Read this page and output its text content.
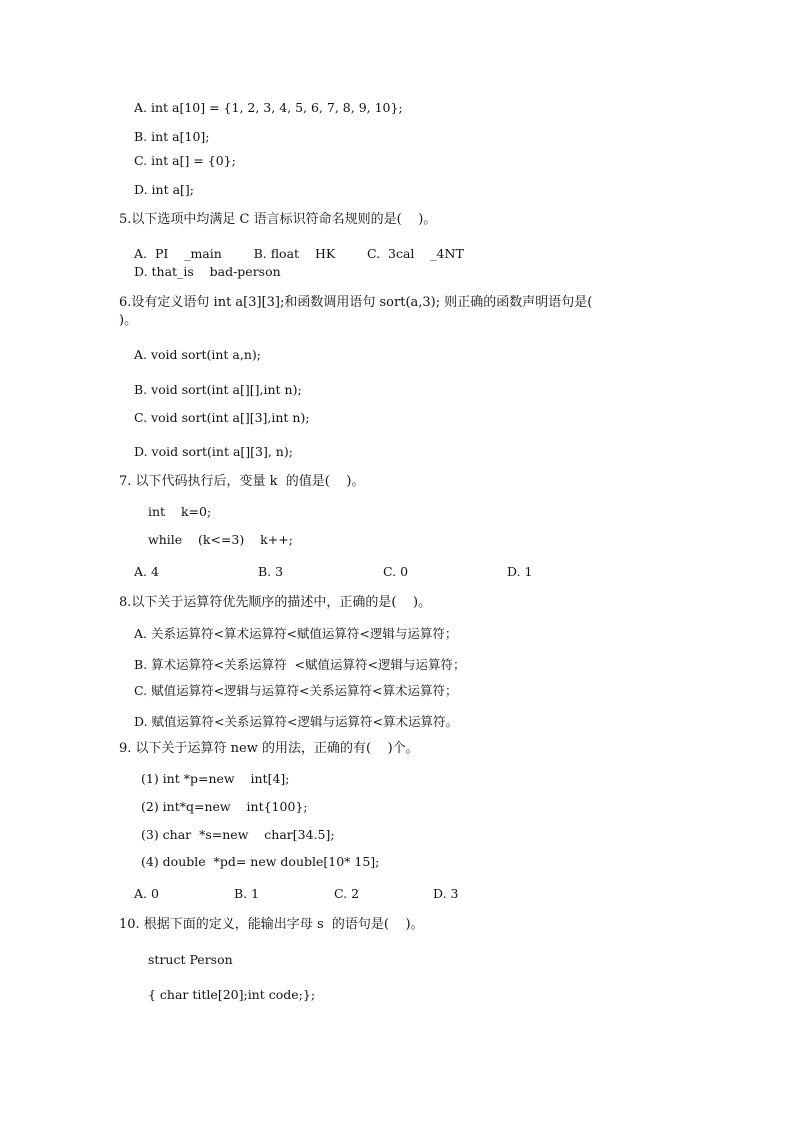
A. int a[10] = {1, 2, 3, 4, 5, 6, 7, 8, 9, 10};
B. int a[10];
C. int a[] = {0};
D. int a[];
5.以下选项中均满足 C 语言标识符命名规则的是(    )。
A.  PI    _main        B. float    HK        C.  3cal    _4NT
D. that_is    bad-person
6.设有定义语句 int a[3][3];和函数调用语句 sort(a,3); 则正确的函数声明语句是(
)。
A. void sort(int a,n);
B. void sort(int a[][],int n);
C. void sort(int a[][3],int n);
D. void sort(int a[][3], n);
7. 以下代码执行后，变量 k  的值是(    )。
int    k=0;
while    (k<=3)    k++;
A. 4	B. 3	C. 0	D. 1
8.以下关于运算符优先顺序的描述中，正确的是(    )。
A. 关系运算符<算术运算符<赋值运算符<逻辑与运算符；
B. 算术运算符<关系运算符  <赋值运算符<逻辑与运算符；
C. 赋值运算符<逻辑与运算符<关系运算符<算术运算符；
D. 赋值运算符<关系运算符<逻辑与运算符<算术运算符。
9. 以下关于运算符 new 的用法，正确的有(    )个。
(1) int *p=new    int[4];
(2) int*q=new    int{100};
(3) char  *s=new    char[34.5];
(4) double  *pd= new double[10* 15];
A. 0	B. 1	C. 2	D. 3
10. 根据下面的定义，能输出字母 s  的语句是(    )。
struct Person
{ char title[20];int code;};
